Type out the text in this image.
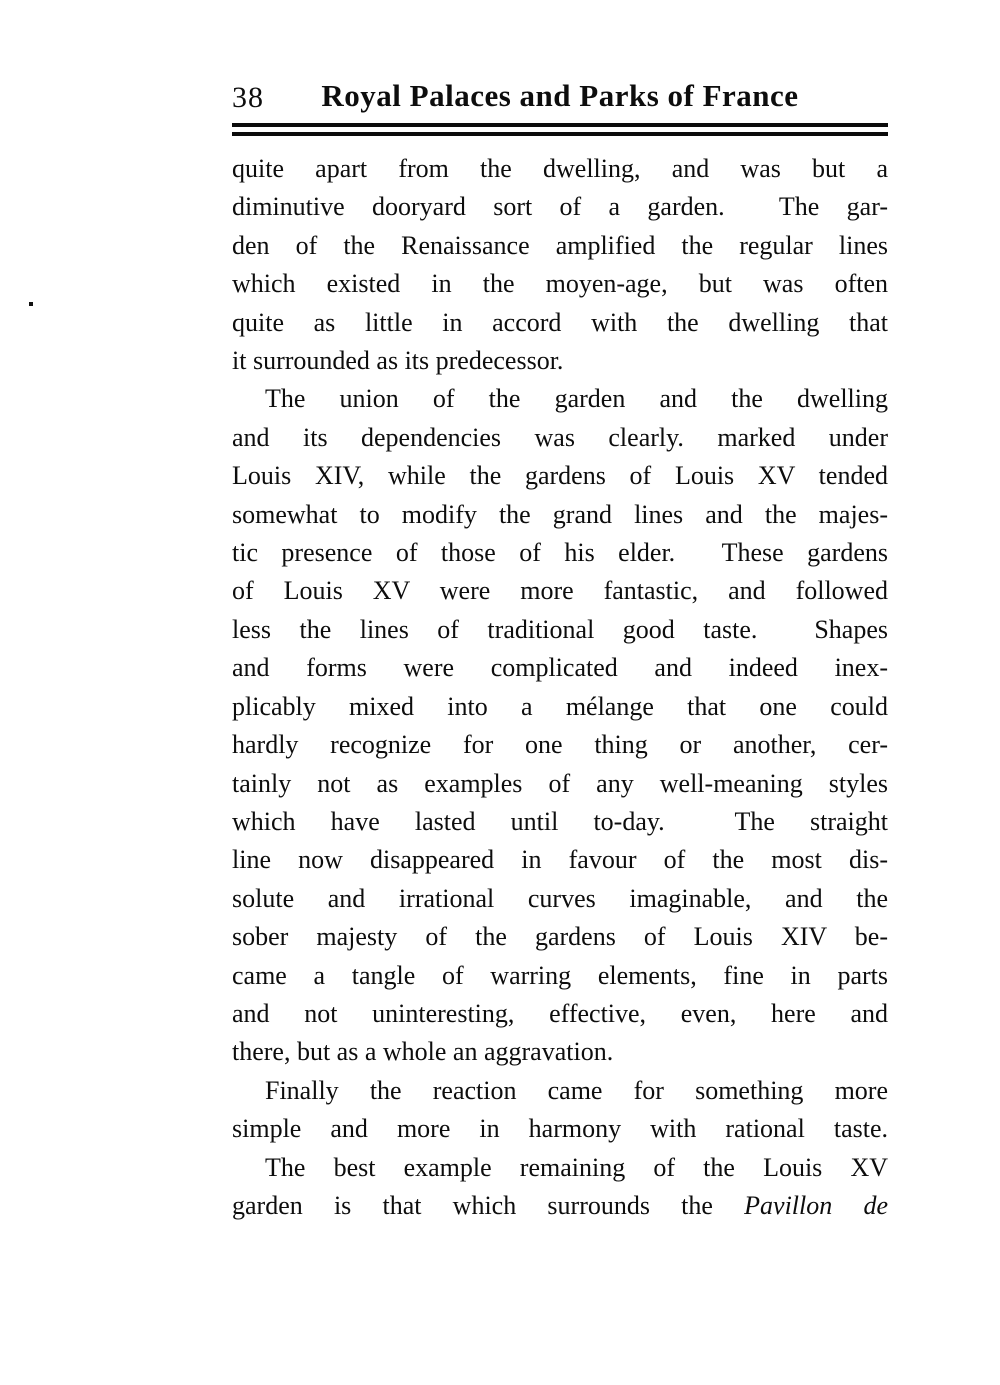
38	Royal Palaces and Parks of France
quite apart from the dwelling, and was but a
diminutive dooryard sort of a garden.  The gar-
den of the Renaissance amplified the regular lines
which existed in the moyen-age, but was often
quite as little in accord with the dwelling that
it surrounded as its predecessor.
The union of the garden and the dwelling
and its dependencies was clearly. marked under
Louis XIV, while the gardens of Louis XV tended
somewhat to modify the grand lines and the majes-
tic presence of those of his elder.  These gardens
of Louis XV were more fantastic, and followed
less the lines of traditional good taste.  Shapes
and forms were complicated and indeed inex-
plicably mixed into a mélange that one could
hardly recognize for one thing or another, cer-
tainly not as examples of any well-meaning styles
which have lasted until to-day.  The straight
line now disappeared in favour of the most dis-
solute and irrational curves imaginable, and the
sober majesty of the gardens of Louis XIV be-
came a tangle of warring elements, fine in parts
and not uninteresting, effective, even, here and
there, but as a whole an aggravation.
Finally the reaction came for something more
simple and more in harmony with rational taste.
The best example remaining of the Louis XV
garden is that which surrounds the Pavillon de
